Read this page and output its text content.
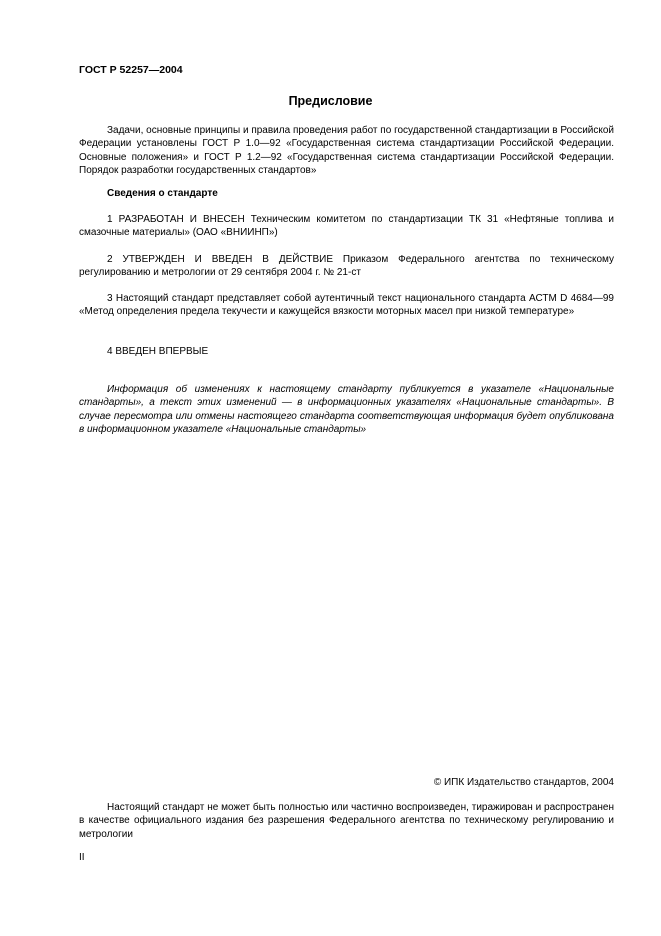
ГОСТ Р 52257—2004
Предисловие

Задачи, основные принципы и правила проведения работ по государственной стандартизации в Российской Федерации установлены ГОСТ Р 1.0—92 «Государственная система стандартизации Российской Федерации. Основные положения» и ГОСТ Р 1.2—92 «Государственная система стандартизации Российской Федерации. Порядок разработки государственных стандартов»

Сведения о стандарте

1 РАЗРАБОТАН И ВНЕСЕН Техническим комитетом по стандартизации ТК 31 «Нефтяные топлива и смазочные материалы» (ОАО «ВНИИНП»)

2 УТВЕРЖДЕН И ВВЕДЕН В ДЕЙСТВИЕ Приказом Федерального агентства по техническому регулированию и метрологии от 29 сентября 2004 г. № 21-ст

3 Настоящий стандарт представляет собой аутентичный текст национального стандарта АСТМ D 4684—99 «Метод определения предела текучести и кажущейся вязкости моторных масел при низкой температуре»

4 ВВЕДЕН ВПЕРВЫЕ

Информация об изменениях к настоящему стандарту публикуется в указателе «Национальные стандарты», а текст этих изменений — в информационных указателях «Национальные стандарты». В случае пересмотра или отмены настоящего стандарта соответствующая информация будет опубликована в информационном указателе «Национальные стандарты»

© ИПК Издательство стандартов, 2004

Настоящий стандарт не может быть полностью или частично воспроизведен, тиражирован и распространен в качестве официального издания без разрешения Федерального агентства по техническому регулированию и метрологии

II
